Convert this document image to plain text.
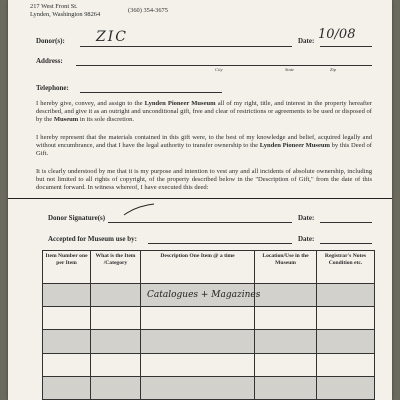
217 West Front St.
Lynden, Washington 98264
(360) 354-3675
Donor(s): ZIC	Date: 10/08
Address:
City	State	Zip
Telephone:

I hereby give, convey, and assign to the Lynden Pioneer Museum all of my right, title, and interest in the property hereafter described, and give it as an outright and unconditional gift, free and clear of restrictions or agreements to be used or disposed of by the Museum in its sole discretion.

I hereby represent that the materials contained in this gift were, to the best of my knowledge and belief, acquired legally and without encumbrance, and that I have the legal authority to transfer ownership to the Lynden Pioneer Museum by this Deed of Gift.

It is clearly understood by me that it is my purpose and intention to vest any and all incidents of absolute ownership, including but not limited to all rights of copyright, of the property described below in the "Description of Gift," from the date of this document forward. In witness whereof, I have executed this deed:

Donor Signature(s)	Date:
Accepted for Museum use by:	Date:
Item Number one per Item	What is the Item /Category	Description One Item @ a time	Location/Use in the Museum	Registrar's Notes Condition etc.
		Catalogues + Magazines		
